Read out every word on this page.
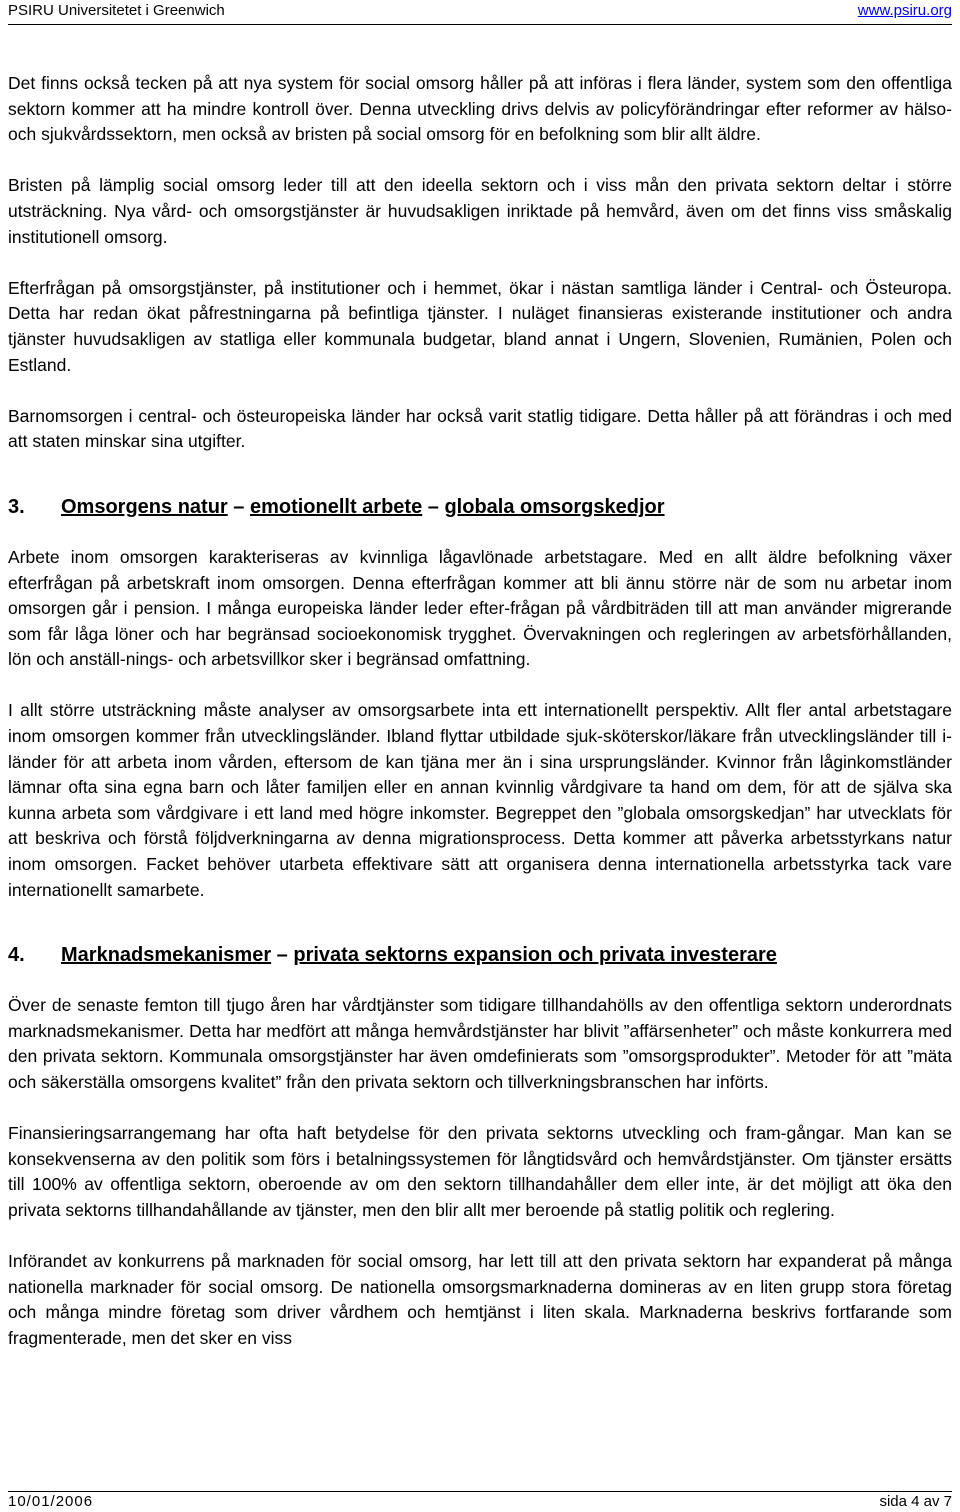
PSIRU Universitetet i Greenwich	www.psiru.org

Det finns också tecken på att nya system för social omsorg håller på att införas i flera länder, system som den offentliga sektorn kommer att ha mindre kontroll över. Denna utveckling drivs delvis av policyförändringar efter reformer av hälso- och sjukvårdssektorn, men också av bristen på social omsorg för en befolkning som blir allt äldre.

Bristen på lämplig social omsorg leder till att den ideella sektorn och i viss mån den privata sektorn deltar i större utsträckning. Nya vård- och omsorgstjänster är huvudsakligen inriktade på hemvård, även om det finns viss småskalig institutionell omsorg.

Efterfrågan på omsorgstjänster, på institutioner och i hemmet, ökar i nästan samtliga länder i Central- och Östeuropa. Detta har redan ökat påfrestningarna på befintliga tjänster. I nuläget finansieras existerande institutioner och andra tjänster huvudsakligen av statliga eller kommunala budgetar, bland annat i Ungern, Slovenien, Rumänien, Polen och Estland.

Barnomsorgen i central- och östeuropeiska länder har också varit statlig tidigare. Detta håller på att förändras i och med att staten minskar sina utgifter.

3. Omsorgens natur – emotionellt arbete – globala omsorgskedjor

Arbete inom omsorgen karakteriseras av kvinnliga lågavlönade arbetstagare. Med en allt äldre befolkning växer efterfrågan på arbetskraft inom omsorgen. Denna efterfrågan kommer att bli ännu större när de som nu arbetar inom omsorgen går i pension. I många europeiska länder leder efter-frågan på vårdbiträden till att man använder migrerande som får låga löner och har begränsad socioekonomisk trygghet. Övervakningen och regleringen av arbetsförhållanden, lön och anställ-nings- och arbetsvillkor sker i begränsad omfattning.

I allt större utsträckning måste analyser av omsorgsarbete inta ett internationellt perspektiv. Allt fler antal arbetstagare inom omsorgen kommer från utvecklingsländer. Ibland flyttar utbildade sjuk-sköterskor/läkare från utvecklingsländer till i-länder för att arbeta inom vården, eftersom de kan tjäna mer än i sina ursprungsländer. Kvinnor från låginkomstländer lämnar ofta sina egna barn och låter familjen eller en annan kvinnlig vårdgivare ta hand om dem, för att de själva ska kunna arbeta som vårdgivare i ett land med högre inkomster. Begreppet den ”globala omsorgskedjan” har utvecklats för att beskriva och förstå följdverkningarna av denna migrationsprocess. Detta kommer att påverka arbetsstyrkans natur inom omsorgen. Facket behöver utarbeta effektivare sätt att organisera denna internationella arbetsstyrka tack vare internationellt samarbete.

4. Marknadsmekanismer – privata sektorns expansion och privata investerare

Över de senaste femton till tjugo åren har vårdtjänster som tidigare tillhandahölls av den offentliga sektorn underordnats marknadsmekanismer. Detta har medfört att många hemvårdstjänster har blivit ”affärsenheter” och måste konkurrera med den privata sektorn. Kommunala omsorgstjänster har även omdefinierats som ”omsorgsprodukter”. Metoder för att ”mäta och säkerställa omsorgens kvalitet” från den privata sektorn och tillverkningsbranschen har införts.

Finansieringsarrangemang har ofta haft betydelse för den privata sektorns utveckling och fram-gångar. Man kan se konsekvenserna av den politik som förs i betalningssystemen för långtidsvård och hemvårdstjänster. Om tjänster ersätts till 100% av offentliga sektorn, oberoende av om den sektorn tillhandahåller dem eller inte, är det möjligt att öka den privata sektorns tillhandahållande av tjänster, men den blir allt mer beroende på statlig politik och reglering.

Införandet av konkurrens på marknaden för social omsorg, har lett till att den privata sektorn har expanderat på många nationella marknader för social omsorg. De nationella omsorgsmarknaderna domineras av en liten grupp stora företag och många mindre företag som driver vårdhem och hemtjänst i liten skala. Marknaderna beskrivs fortfarande som fragmenterade, men det sker en viss

10/01/2006	sida 4 av 7
